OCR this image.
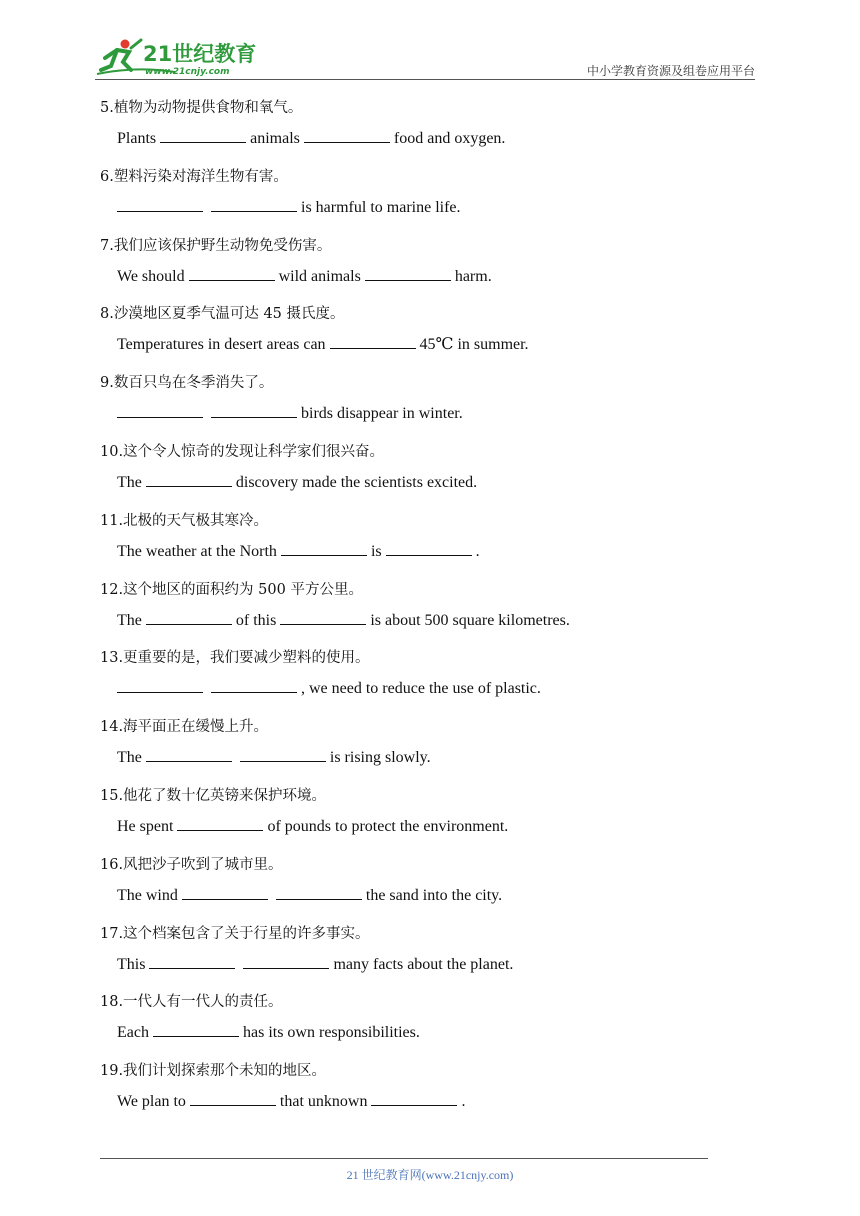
21世纪教育
www.21cnjy.com	中小学教育资源及组卷应用平台
5.植物为动物提供食物和氧气。
Plants	animals	food and oxygen.
6.塑料污染对海洋生物有害。
is harmful to marine life.
7.我们应该保护野生动物免受伤害。
We should	wild animals	harm.
8.沙漠地区夏季气温可达 45 摄氏度。
Temperatures in desert areas can	45℃ in summer.
9.数百只鸟在冬季消失了。
birds disappear in winter.
10.这个令人惊奇的发现让科学家们很兴奋。
The	discovery made the scientists excited.
11.北极的天气极其寒冷。
The weather at the North	is	.
12.这个地区的面积约为 500 平方公里。
The	of this	is about 500 square kilometres.
13.更重要的是，我们要减少塑料的使用。
, we need to reduce the use of plastic.
14.海平面正在缓慢上升。
The	is rising slowly.
15.他花了数十亿英镑来保护环境。
He spent	of pounds to protect the environment.
16.风把沙子吹到了城市里。
The wind	the sand into the city.
17.这个档案包含了关于行星的许多事实。
This	many facts about the planet.
18.一代人有一代人的责任。
Each	has its own responsibilities.
19.我们计划探索那个未知的地区。
We plan to	that unknown	.
21 世纪教育网(www.21cnjy.com)
